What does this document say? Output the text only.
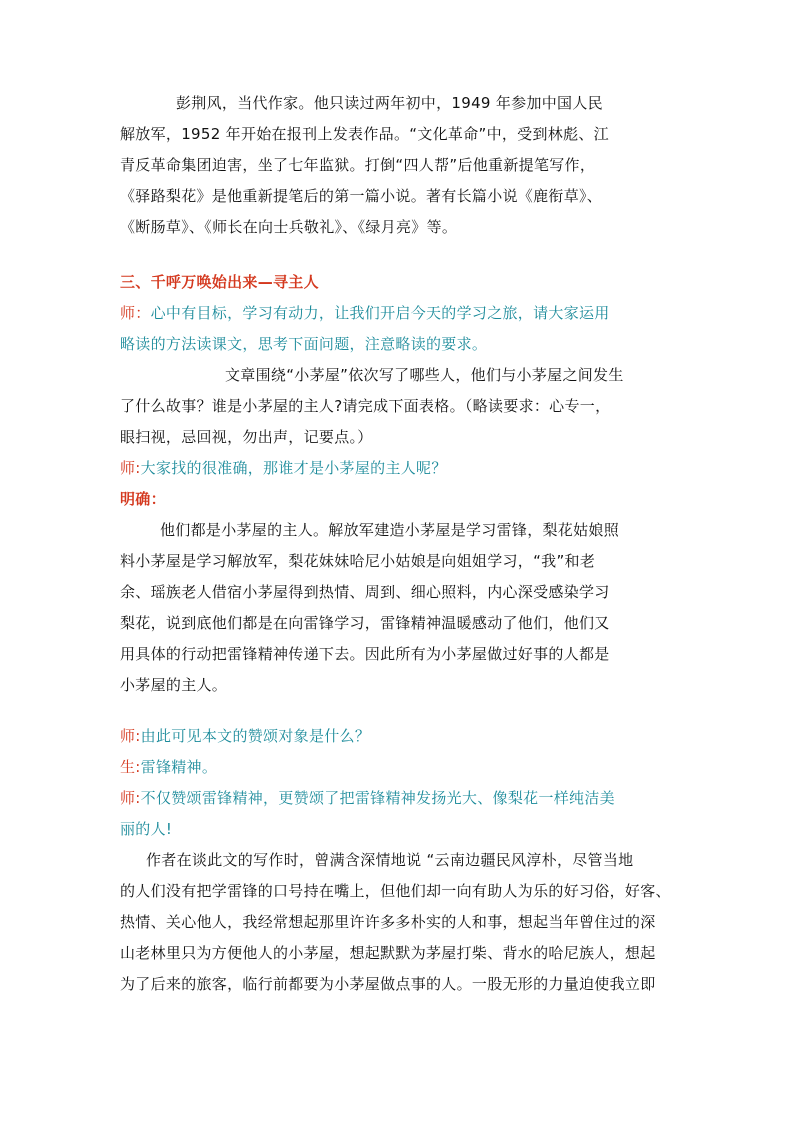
彭荆风，当代作家。他只读过两年初中，1949 年参加中国人民

解放军，1952 年开始在报刊上发表作品。“文化革命”中，受到林彪、江

青反革命集团迫害，坐了七年监狱。打倒“四人帮”后他重新提笔写作，

《驿路梨花》是他重新提笔后的第一篇小说。著有长篇小说《鹿衔草》、

《断肠草》、《师长在向士兵敬礼》、《绿月亮》等。

三、千呼万唤始出来—寻主人

师：心中有目标，学习有动力，让我们开启今天的学习之旅，请大家运用

略读的方法读课文，思考下面问题，注意略读的要求。

文章围绕“小茅屋”依次写了哪些人，他们与小茅屋之间发生

了什么故事？谁是小茅屋的主人?请完成下面表格。（略读要求：心专一，

眼扫视，忌回视，勿出声，记要点。）

师:大家找的很准确，那谁才是小茅屋的主人呢？

明确：

他们都是小茅屋的主人。解放军建造小茅屋是学习雷锋，梨花姑娘照

料小茅屋是学习解放军，梨花妹妹哈尼小姑娘是向姐姐学习，“我”和老

余、瑶族老人借宿小茅屋得到热情、周到、细心照料，内心深受感染学习

梨花，说到底他们都是在向雷锋学习，雷锋精神温暖感动了他们，他们又

用具体的行动把雷锋精神传递下去。因此所有为小茅屋做过好事的人都是

小茅屋的主人。

师:由此可见本文的赞颂对象是什么？

生:雷锋精神。

师:不仅赞颂雷锋精神，更赞颂了把雷锋精神发扬光大、像梨花一样纯洁美

丽的人!

作者在谈此文的写作时，曾满含深情地说 “云南边疆民风淳朴，尽管当地

的人们没有把学雷锋的口号持在嘴上，但他们却一向有助人为乐的好习俗，好客、

热情、关心他人，我经常想起那里许许多多朴实的人和事，想起当年曾住过的深

山老林里只为方便他人的小茅屋，想起默默为茅屋打柴、背水的哈尼族人，想起

为了后来的旅客，临行前都要为小茅屋做点事的人。一股无形的力量迫使我立即
